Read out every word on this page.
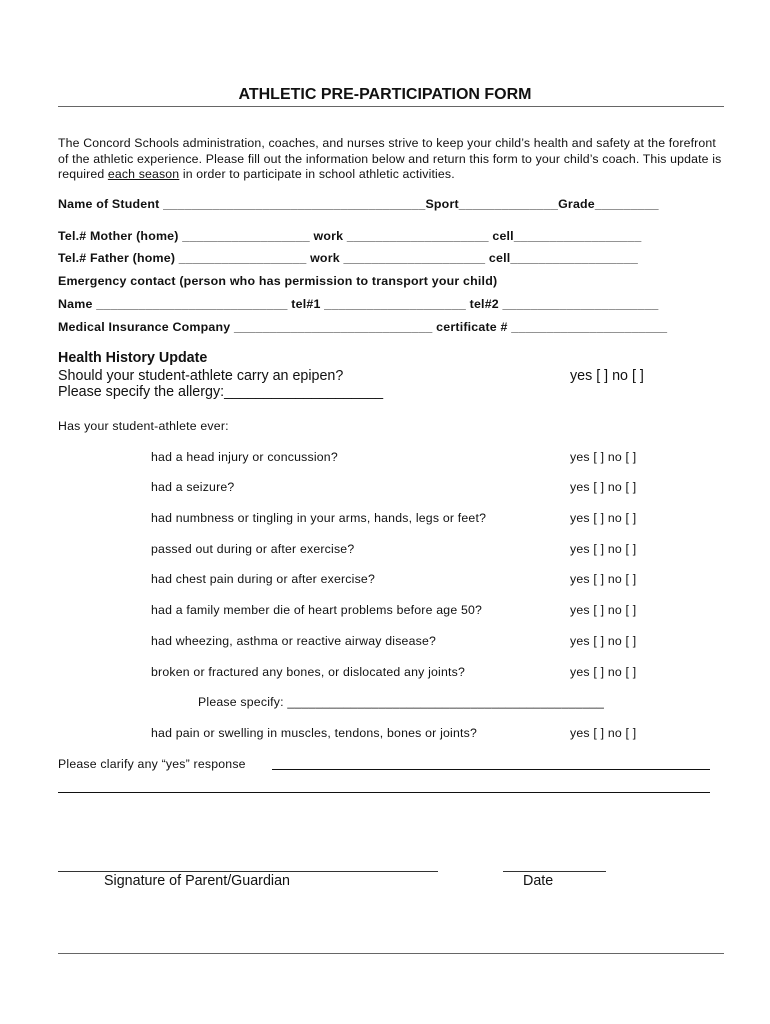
ATHLETIC PRE-PARTICIPATION FORM
The Concord Schools administration, coaches, and nurses strive to keep your child’s health and safety at the forefront of the athletic experience. Please fill out the information below and return this form to your child’s coach. This update is required each season in order to participate in school athletic activities.
Name of Student _____________________________________Sport______________Grade_________
Tel.# Mother (home) __________________ work ____________________ cell__________________
Tel.# Father (home) __________________ work ____________________ cell__________________
Emergency contact (person who has permission to transport your child)
Name ___________________________ tel#1 ____________________ tel#2 ______________________
Medical Insurance Company ____________________________ certificate # ______________________
Health History Update
Should your student-athlete carry an epipen?	yes [ ] no [ ]
Please specify the allergy:____________________
Has your student-athlete ever:
had a head injury or concussion?	yes [ ] no [ ]
had a seizure?	yes [ ] no [ ]
had numbness or tingling in your arms, hands, legs or feet?	yes [ ] no [ ]
passed out during or after exercise?	yes [ ] no [ ]
had chest pain during or after exercise?	yes [ ] no [ ]
had a family member die of heart problems before age 50?	yes [ ] no [ ]
had wheezing, asthma or reactive airway disease?	yes [ ] no [ ]
broken or fractured any bones, or dislocated any joints?	yes [ ] no [ ]
Please specify: _____________________________________________
had pain or swelling in muscles, tendons, bones or joints?	yes [ ] no [ ]
Please clarify any “yes” response
Signature of Parent/Guardian	Date
